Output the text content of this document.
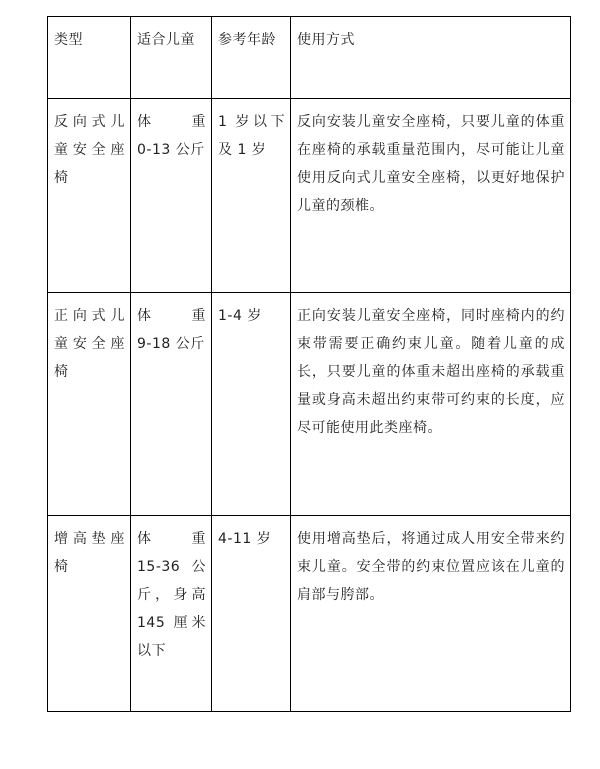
类型	适合儿童	参考年龄	使用方式
反向式儿童安全座椅	体　　重 0-13 公斤	1 岁以下及 1 岁	反向安装儿童安全座椅，只要儿童的体重在座椅的承载重量范围内，尽可能让儿童使用反向式儿童安全座椅，以更好地保护儿童的颈椎。
正向式儿童安全座椅	体　　重 9-18 公斤	1-4 岁	正向安装儿童安全座椅，同时座椅内的约束带需要正确约束儿童。随着儿童的成长，只要儿童的体重未超出座椅的承载重量或身高未超出约束带可约束的长度，应尽可能使用此类座椅。
增高垫座椅	体　　重 15-36 公斤，身高 145 厘米以下	4-11 岁	使用增高垫后，将通过成人用安全带来约束儿童。安全带的约束位置应该在儿童的肩部与胯部。
